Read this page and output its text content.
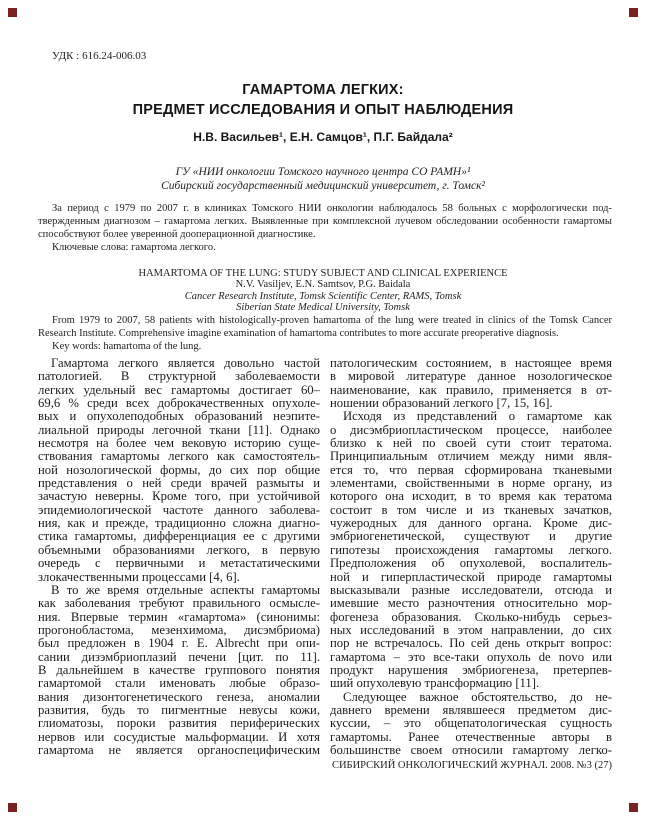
УДК : 616.24-006.03
ГАМАРТОМА ЛЕГКИХ:
ПРЕДМЕТ ИССЛЕДОВАНИЯ И ОПЫТ НАБЛЮДЕНИЯ
Н.В. Васильев¹, Е.Н. Самцов¹, П.Г. Байдала²
ГУ «НИИ онкологии Томского научного центра СО РАМН»¹
Сибирский государственный медицинский университет, г. Томск²
За период с 1979 по 2007 г. в клиниках Томского НИИ онкологии наблюдалось 58 больных с морфологически под-
твержденным диагнозом – гамартома легких. Выявленные при комплексной лучевом обследовании особенности гамартомы
способствуют более уверенной дооперационной диагностике.
Ключевые слова: гамартома легкого.
HAMARTOMA OF THE LUNG: STUDY SUBJECT AND CLINICAL EXPERIENCE
N.V. Vasiljev, E.N. Samtsov, P.G. Baidala
Cancer Research Institute, Tomsk Scientific Center, RAMS, Tomsk
Siberian State Medical University, Tomsk
From 1979 to 2007, 58 patients with histologically-proven hamartoma of the lung were treated in clinics of the Tomsk Cancer
Research Institute. Comprehensive imagine examination of hamartoma contributes to more accurate preoperative diagnosis.
Key words: hamartoma of the lung.
Гамартома легкого является довольно частой
патологией. В структурной заболеваемости
легких удельный вес гамартомы достигает 60–
69,6 % среди всех доброкачественных опухоле-
вых и опухолеподобных образований неэпите-
лиальной природы легочной ткани [11]. Однако
несмотря на более чем вековую историю суще-
ствования гамартомы легкого как самостоятель-
ной нозологической формы, до сих пор общие
представления о ней среди врачей размыты и
зачастую неверны. Кроме того, при устойчивой
эпидемиологической частоте данного заболева-
ния, как и прежде, традиционно сложна диагно-
стика гамартомы, дифференциация ее с другими
объемными образованиями легкого, в первую
очередь с первичными и метастатическими
злокачественными процессами [4, 6].
В то же время отдельные аспекты гамартомы
как заболевания требуют правильного осмысле-
ния. Впервые термин «гамартома» (синонимы:
прогонобластома, мезенхимома, дисэмбриома)
был предложен в 1904 г. E. Albrecht при опи-
сании дизэмбриоплазий печени [цит. по 11].
В дальнейшем в качестве группового понятия
гамартомой стали именовать любые образо-
вания дизонтогенетического генеза, аномалии
развития, будь то пигментные невусы кожи,
глиоматозы, пороки развития периферических
нервов или сосудистые мальформации. И хотя
гамартома не является органоспецифическим
патологическим состоянием, в настоящее время
в мировой литературе данное нозологическое
наименование, как правило, применяется в от-
ношении образований легкого [7, 15, 16].
Исходя из представлений о гамартоме как
о дисэмбриопластическом процессе, наиболее
близко к ней по своей сути стоит тератома.
Принципиальным отличием между ними явля-
ется то, что первая сформирована тканевыми
элементами, свойственными в норме органу, из
которого она исходит, в то время как тератома
состоит в том числе и из тканевых зачатков,
чужеродных для данного органа. Кроме дис-
эмбриогенетической, существуют и другие
гипотезы происхождения гамартомы легкого.
Предположения об опухолевой, воспалитель-
ной и гиперпластической природе гамартомы
высказывали разные исследователи, отсюда и
имевшие место разночтения относительно мор-
фогенеза образования. Сколько-нибудь серьез-
ных исследований в этом направлении, до сих
пор не встречалось. По сей день открыт вопрос:
гамартома – это все-таки опухоль de novo или
продукт нарушения эмбриогенеза, претерпев-
ший опухолевую трансформацию [11].
Следующее важное обстоятельство, до не-
давнего времени являвшееся предметом дис-
куссии, – это общепатологическая сущность
гамартомы. Ранее отечественные авторы в
большинстве своем относили гамартому легко-
СИБИРСКИЙ ОНКОЛОГИЧЕСКИЙ ЖУРНАЛ. 2008. №3 (27)
